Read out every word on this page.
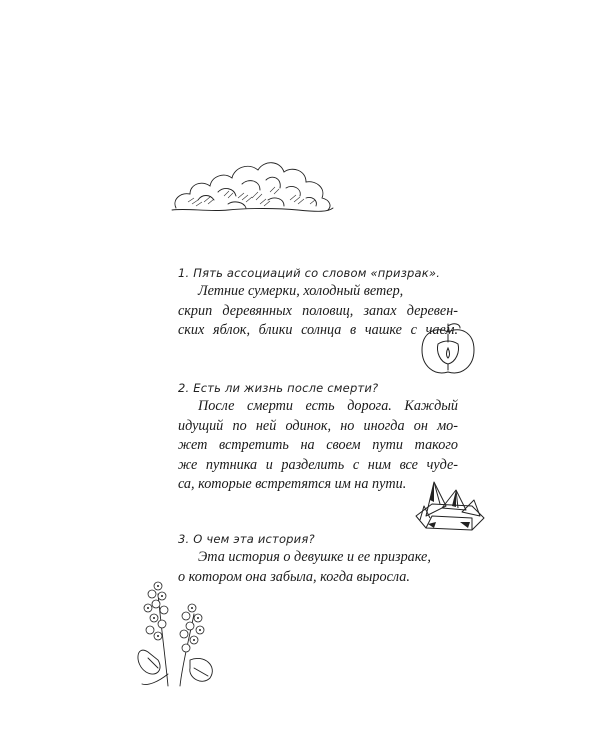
1. Пять ассоциаций со словом «призрак».
Летние сумерки, холодный ветер,
скрип деревянных половиц, запах деревен-
ских яблок, блики солнца в чашке с чаем.
2. Есть ли жизнь после смерти?
После смерти есть дорога. Каждый
идущий по ней одинок, но иногда он мо-
жет встретить на своем пути такого
же путника и разделить с ним все чуде-
са, которые встретятся им на пути.
3. О чем эта история?
Эта история о девушке и ее призраке,
о котором она забыла, когда выросла.
